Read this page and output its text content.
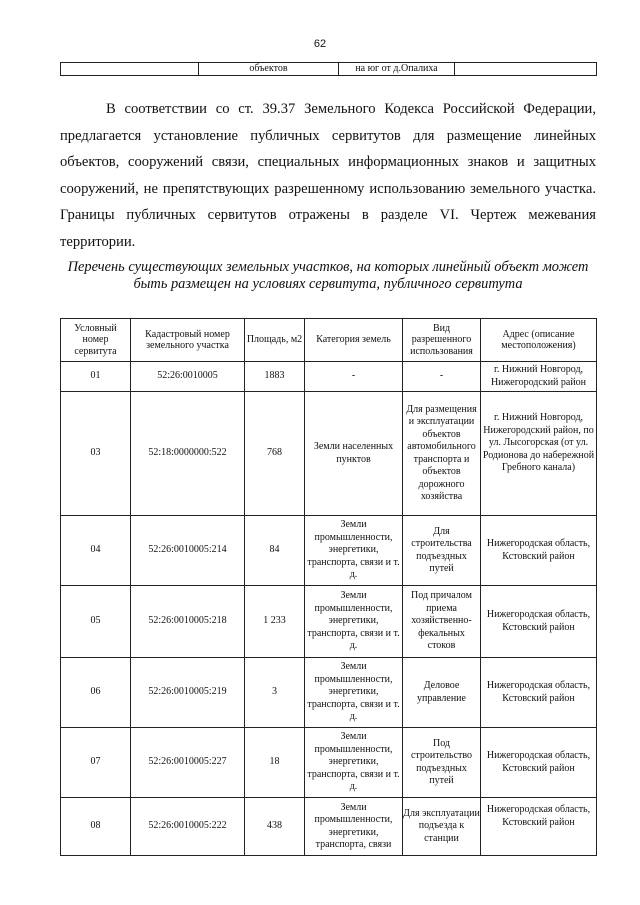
62
	объектов	на юг от д.Опалиха	

В соответствии со ст. 39.37 Земельного Кодекса Российской Федерации, предлагается установление публичных сервитутов для размещение линейных объектов, сооружений связи, специальных информационных знаков и защитных сооружений, не препятствующих разрешенному использованию земельного участка. Границы публичных сервитутов отражены в разделе VI. Чертеж межевания территории.

Перечень существующих земельных участков, на которых линейный объект может быть размещен на условиях сервитута, публичного сервитута

Условный номер сервитута	Кадастровый номер земельного участка	Площадь, м2	Категория земель	Вид разрешенного использования	Адрес (описание местоположения)
01	52:26:0010005	1883	-	-	г. Нижний Новгород, Нижегородский район
03	52:18:0000000:522	768	Земли населенных пунктов	Для размещения и эксплуатации объектов автомобильного транспорта и объектов дорожного хозяйства	г. Нижний Новгород, Нижегородский район, по ул. Лысогорская (от ул. Родионова до набережной Гребного канала)
04	52:26:0010005:214	84	Земли промышленности, энергетики, транспорта, связи и т. д.	Для строительства подъездных путей	Нижегородская область, Кстовский район
05	52:26:0010005:218	1 233	Земли промышленности, энергетики, транспорта, связи и т. д.	Под причалом приема хозяйственно-фекальных стоков	Нижегородская область, Кстовский район
06	52:26:0010005:219	3	Земли промышленности, энергетики, транспорта, связи и т. д.	Деловое управление	Нижегородская область, Кстовский район
07	52:26:0010005:227	18	Земли промышленности, энергетики, транспорта, связи и т. д.	Под строительство подъездных путей	Нижегородская область, Кстовский район
08	52:26:0010005:222	438	Земли промышленности, энергетики, транспорта, связи	Для эксплуатации подъезда к станции	Нижегородская область, Кстовский район
